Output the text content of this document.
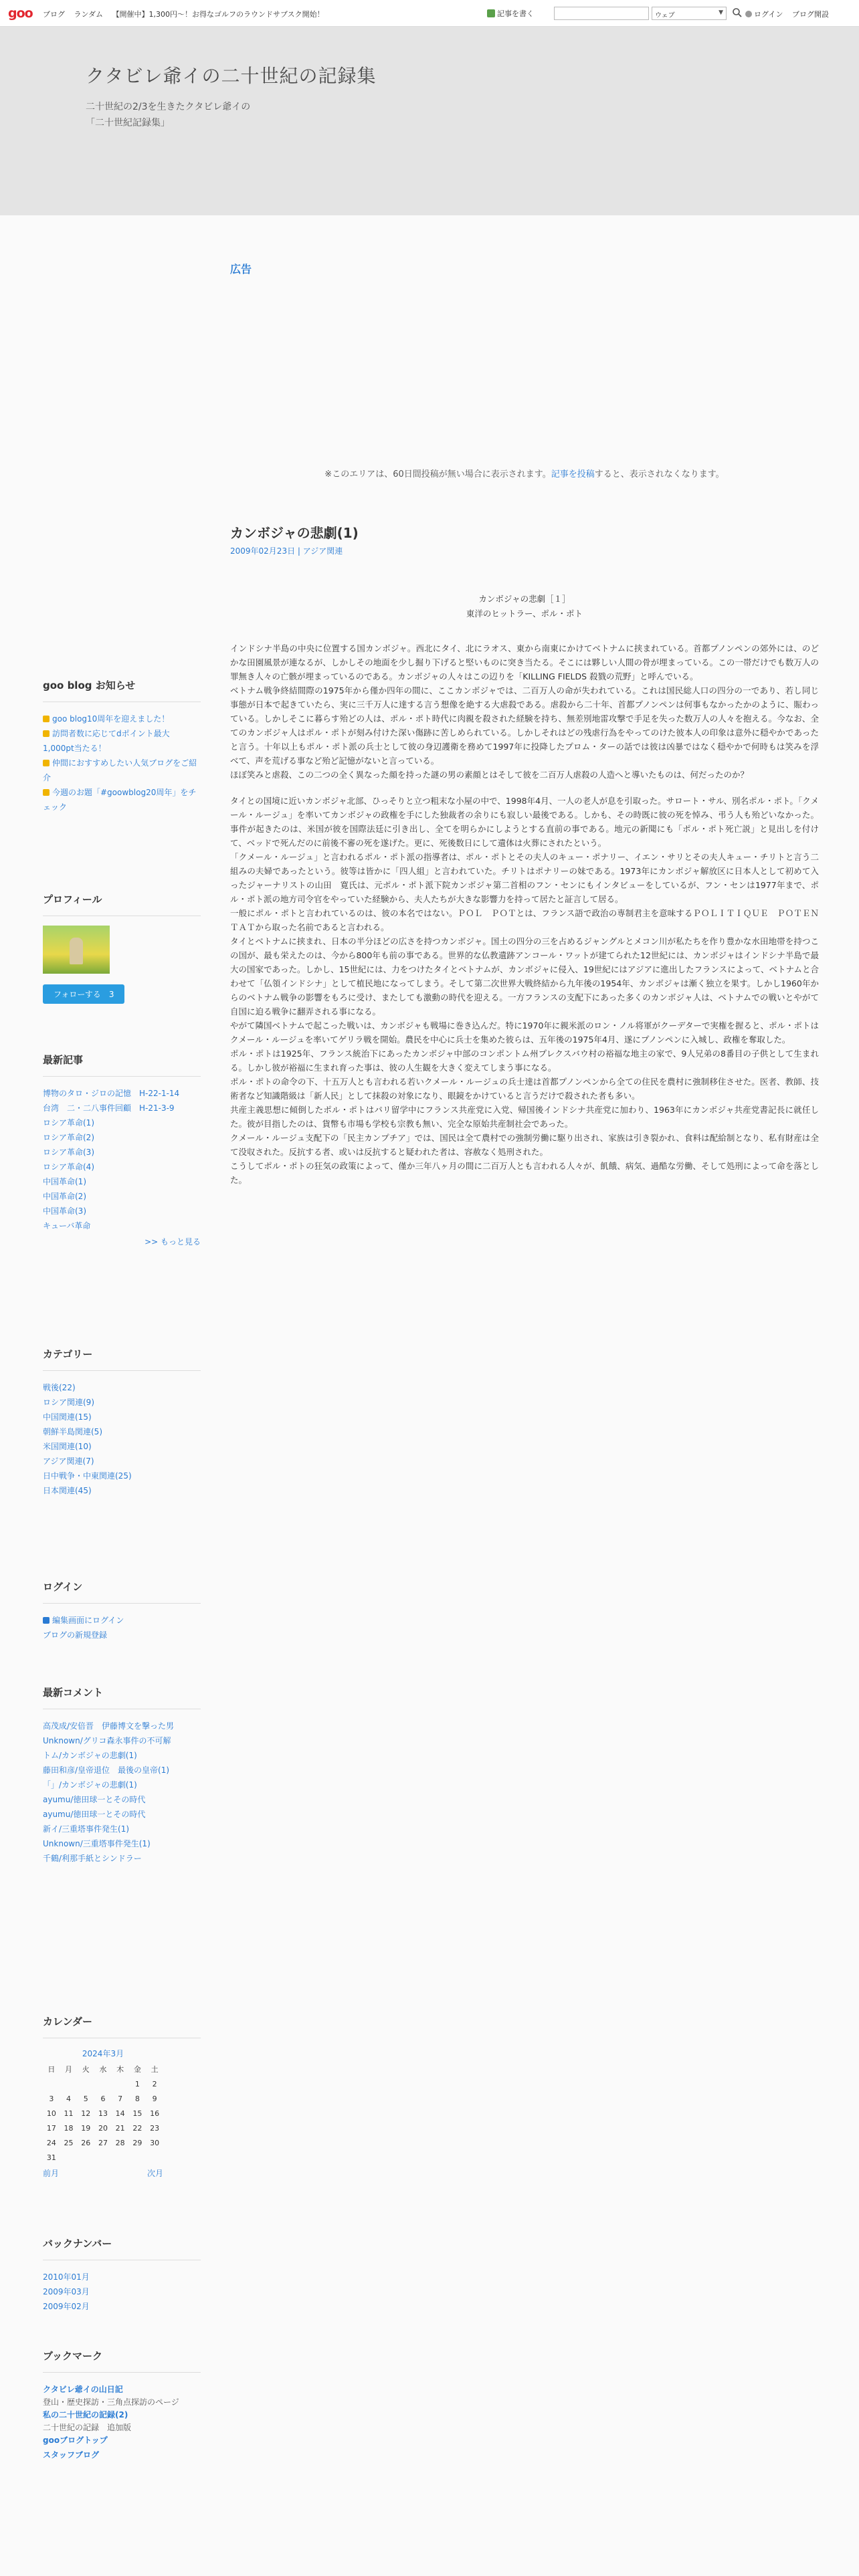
goo ブログ ランダム 【開催中】1,300円〜！お得なゴルフのラウンドサブスク開始！	記事を書く	ウェブ	▼	ログイン ブログ開設
クタビレ爺イの二十世紀の記録集
二十世紀の2/3を生きたクタビレ爺イの
「二十世紀記録集」
広告
※このエリアは、60日間投稿が無い場合に表示されます。記事を投稿すると、表示されなくなります。
goo blog お知らせ
goo blog10周年を迎えました！
訪問者数に応じてdポイント最大1,000pt当たる！
仲間におすすめしたい人気ブログをご紹介
今週のお題「#goowblog20周年」をチェック
プロフィール
フォローする　 3
最新記事
博物のタロ・ジロの記憶　H-22-1-14
台湾　二・二八事件回顧　H-21-3-9
ロシア革命(1)
ロシア革命(2)
ロシア革命(3)
ロシア革命(4)
中国革命(1)
中国革命(2)
中国革命(3)
キューバ革命
>> もっと見る
カテゴリー
戦後(22)
ロシア関連(9)
中国関連(15)
朝鮮半島関連(5)
米国関連(10)
アジア関連(7)
日中戦争・中東関連(25)
日本関連(45)
ログイン
編集画面にログイン
ブログの新規登録
最新コメント
高茂成/安倍晋　伊藤博文を撃った男
Unknown/グリコ森永事件の不可解
トム/カンボジャの悲劇(1)
藤田和彦/皇帝退位　最後の皇帝(1)
「」/カンボジャの悲劇(1)
ayumu/徳田球一とその時代
ayumu/徳田球一とその時代
新イ/三重塔事件発生(1)
Unknown/三重塔事件発生(1)
千鶴/利那手紙とシンドラー
カレンダー
2024年3月
日	月	火	水	木	金	土
					1	2
3	4	5	6	7	8	9
10	11	12	13	14	15	16
17	18	19	20	21	22	23
24	25	26	27	28	29	30
31						
前月	次月
バックナンバー
2010年01月
2009年03月
2009年02月
ブックマーク
クタビレ爺イの山日記
登山・歴史探訪・三角点探訪のページ
私の二十世紀の記録(2)
二十世紀の記録　追加版
gooブログトップ
スタッフブログ
カンボジャの悲劇(1)
2009年02月23日 | アジア関連
カンボジャの悲劇［１］
東洋のヒットラー、ポル・ポト

インドシナ半島の中央に位置する国カンボジャ。西北にタイ、北にラオス、東から南東にかけてベトナムに挟まれている。首都プノンペンの郊外には、のどかな田園風景が連なるが、しかしその地面を少し掘り下げると堅いものに突き当たる。そこには夥しい人間の骨が埋まっている。この一帯だけでも数万人の罪無き人々の亡骸が埋まっているのである。カンボジャの人々はこの辺りを「KILLING FIELDS 殺戮の荒野」と呼んでいる。

ベトナム戦争終結間際の1975年から僅か四年の間に、ここカンボジャでは、二百万人の命が失われている。これは国民総人口の四分の一であり、若し同じ事態が日本で起きていたら、実に三千万人に達する言う想像を絶する大虐殺である。虐殺から二十年、首都プノンペンは何事もなかったかのように、賑わっている。しかしそこに暮らす殆どの人は、ポル・ポト時代に肉親を殺された経験を持ち、無差別地雷攻撃で手足を失った数万人の人々を抱える。今なお、全てのカンボジャ人はポル・ポトが刻み付けた深い傷跡に苦しめられている。しかしそれはどの残虐行為をやってのけた彼本人の印象は意外に穏やかであったと言う。十年以上もポル・ポト派の兵士として彼の身辺護衛を務めて1997年に投降したプロム・ターの話では彼は凶暴ではなく穏やかで何時もは笑みを浮べて、声を荒げる事など殆ど記憶がないと言っている。

ほぼ笑みと虐殺、この二つの全く異なった顔を持った謎の男の素顔とはそして彼を二百万人虐殺の人造へと導いたものは、何だったのか？

タイとの国境に近いカンボジャ北部、ひっそりと立つ粗末な小屋の中で、1998年4月、一人の老人が息を引取った。サロート・サル、別名ポル・ポト。「クメール・ルージュ」を率いてカンボジャの政権を手にした独裁者の余りにも寂しい最後である。しかも、その時既に彼の死を悼み、弔う人も殆どいなかった。事件が起きたのは、米国が彼を国際法廷に引き出し、全てを明らかにしようとする直前の事である。地元の新聞にも「ポル・ポト死亡説」と見出しを付けて、ベッドで死んだのに前後不審の死を遂げた。更に、死後数日にして遺体は火葬にされたという。

「クメール・ルージュ」と言われるポル・ポト派の指導者は、ポル・ポトとその夫人のキュー・ポナリー、イエン・サリとその夫人キュー・チリトと言う二組みの夫婦であったという。彼等は皆かに「四人組」と言われていた。チリトはポナリーの妹である。1973年にカンボジャ解放区に日本人として初めて入ったジャーナリストの山田　寛氏は、元ポル・ポト派下院カンボジャ第二首相のフン・センにもインタビューをしているが、フン・センは1977年まで、ポル・ポト派の地方司令官をやっていた経験から、夫人たちが大きな影響力を持って居たと証言して居る。

一般にポル・ポトと言われているのは、彼の本名ではない。ＰＯＬ　ＰＯＴとは、フランス語で政治の専制君主を意味するＰＯＬＩＴＩＱＵＥ　ＰＯＴＥＮＴＡＴから取った名前であると言われる。

タイとベトナムに挟まれ、日本の半分ほどの広さを持つカンボジャ。国土の四分の三を占めるジャングルとメコン川が私たちを作り豊かな水田地帯を持つこの国が、最も栄えたのは、今から800年も前の事である。世界的な仏教遺跡アンコール・ワットが建てられた12世紀には、カンボジャはインドシナ半島で最大の国家であった。しかし、15世紀には、力をつけたタイとベトナムが、カンボジャに侵入、19世紀にはアジアに進出したフランスによって、ベトナムと合わせて「仏領インドシナ」として植民地になってしまう。そして第二次世界大戦終結から九年後の1954年、カンボジャは漸く独立を果す。しかし1960年からのベトナム戦争の影響をもろに受け、またしても激動の時代を迎える。一方フランスの支配下にあった多くのカンボジャ人は、ベトナムでの戦いとやがて自国に迫る戦争に翻弄される事になる。

やがて隣国ベトナムで起こった戦いは、カンボジャも戦場に巻き込んだ。特に1970年に親米派のロン・ノル将軍がクーデターで実権を握ると、ポル・ポトはクメール・ルージュを率いてゲリラ戦を開始。農民を中心に兵士を集めた彼らは、五年後の1975年4月、遂にプノンペンに入城し、政権を奪取した。

ポル・ポトは1925年、フランス統治下にあったカンボジャ中部のコンポントム州プレクスバウ村の裕福な地主の家で、9人兄弟の8番目の子供として生まれる。しかし彼が裕福に生まれ育った事は、彼の人生観を大きく変えてしまう事になる。

ポル・ポトの命令の下、十五万人とも言われる若いクメール・ルージュの兵士達は首都プノンペンから全ての住民を農村に強制移住させた。医者、教師、技術者など知識階級は「新人民」として抹殺の対象になり、眼鏡をかけていると言うだけで殺された者も多い。

共産主義思想に傾倒したポル・ポトはパリ留学中にフランス共産党に入党、帰国後インドシナ共産党に加わり、1963年にカンボジャ共産党書記長に就任した。彼が目指したのは、貨幣も市場も学校も宗教も無い、完全な原始共産制社会であった。

クメール・ルージュ支配下の「民主カンプチア」では、国民は全て農村での強制労働に駆り出され、家族は引き裂かれ、食料は配給制となり、私有財産は全て没収された。反抗する者、或いは反抗すると疑われた者は、容赦なく処刑された。

こうしてポル・ポトの狂気の政策によって、僅か三年八ヶ月の間に二百万人とも言われる人々が、飢餓、病気、過酷な労働、そして処刑によって命を落とした。
